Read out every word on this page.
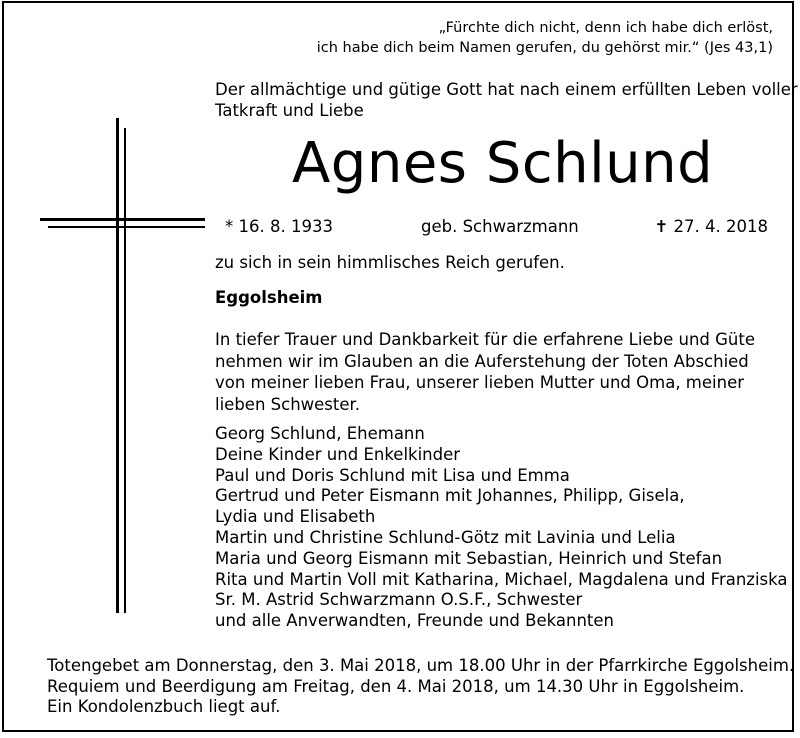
„Fürchte dich nicht, denn ich habe dich erlöst,
ich habe dich beim Namen gerufen, du gehörst mir.“ (Jes 43,1)
Der allmächtige und gütige Gott hat nach einem erfüllten Leben voller
Tatkraft und Liebe
Agnes Schlund
* 16. 8. 1933	geb. Schwarzmann	✝ 27. 4. 2018
zu sich in sein himmlisches Reich gerufen.
Eggolsheim
In tiefer Trauer und Dankbarkeit für die erfahrene Liebe und Güte
nehmen wir im Glauben an die Auferstehung der Toten Abschied
von meiner lieben Frau, unserer lieben Mutter und Oma, meiner
lieben Schwester.
Georg Schlund, Ehemann
Deine Kinder und Enkelkinder
Paul und Doris Schlund mit Lisa und Emma
Gertrud und Peter Eismann mit Johannes, Philipp, Gisela,
Lydia und Elisabeth
Martin und Christine Schlund-Götz mit Lavinia und Lelia
Maria und Georg Eismann mit Sebastian, Heinrich und Stefan
Rita und Martin Voll mit Katharina, Michael, Magdalena und Franziska
Sr. M. Astrid Schwarzmann O.S.F., Schwester
und alle Anverwandten, Freunde und Bekannten
Totengebet am Donnerstag, den 3. Mai 2018, um 18.00 Uhr in der Pfarrkirche Eggolsheim.
Requiem und Beerdigung am Freitag, den 4. Mai 2018, um 14.30 Uhr in Eggolsheim.
Ein Kondolenzbuch liegt auf.
